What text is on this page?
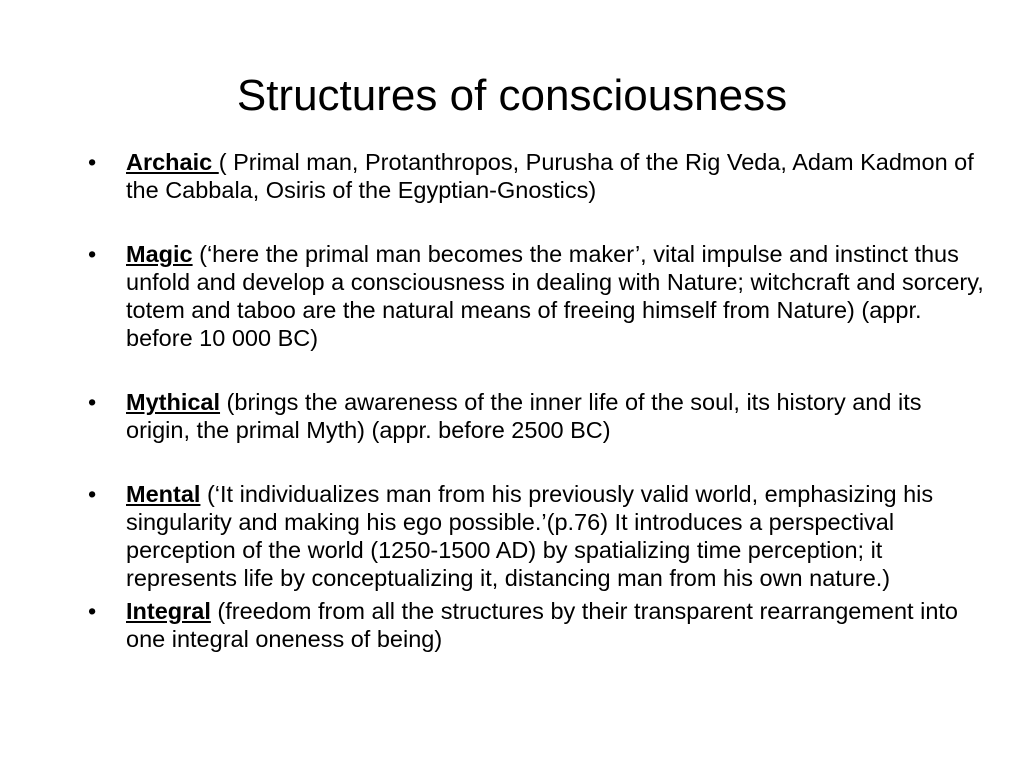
Structures of consciousness
•	Archaic ( Primal man, Protanthropos, Purusha of the Rig Veda, Adam Kadmon of the Cabbala, Osiris of the Egyptian-Gnostics)
•	Magic (‘here the primal man becomes the maker’, vital impulse and instinct thus unfold and develop a consciousness in dealing with Nature; witchcraft and sorcery, totem and taboo are the natural means of freeing himself from Nature) (appr. before 10 000 BC)
•	Mythical (brings the awareness of the inner life of the soul, its history and its origin, the primal Myth) (appr. before 2500 BC)
•	Mental (‘It individualizes man from his previously valid world, emphasizing his singularity and making his ego possible.’(p.76) It introduces a perspectival perception of the world (1250-1500 AD) by spatializing time perception; it represents life by conceptualizing it, distancing man from his own nature.)
•	Integral (freedom from all the structures by their transparent rearrangement into one integral oneness of being)
